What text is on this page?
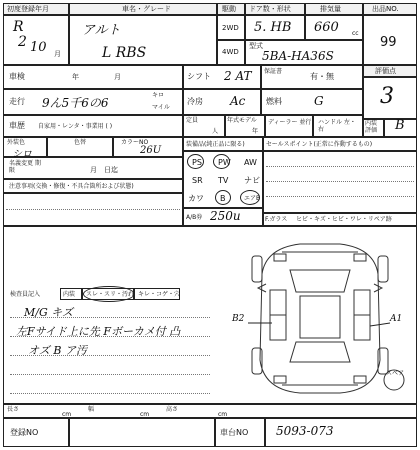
初度登録年月
R
2 10 月
車名・グレード
アルト
L RBS
駆動
2WD
4WD
ドア数・形状
5. HB
排気量
660 cc
型式
5BA-HA36S
出品NO.
99
車検	年	月	シフト 2 AT 保証書
有・無
評価点
3
走行 9ん5千6の6
キロ
マイル
冷房 Ac	燃料	G
車歴 自家用・レンタ・事業用 ( )
定員
人
年式モデル
年
ディーラー 並行 ハンドル 左・右
内装 評価	B
外装色
シロ
色替	カラーNO
26U
装備品(純正品に限る)	セールスポイント(正常に作動するもの)
名義変更 期 限	月　日迄
PS PW AW
SR TV ナビ
カワ B	エアB
A/B券 250u	F.ガラス ヒビ・キズ・ヒビ・ワレ・リペア跡
注意事項(交換・修復・不具合箇所および状態)
検査員記入	内装 スレ・スリ・汚れ キレ・コゲ・穴
M/G キズ
左Fサイド上に先 Fボーカメ付 凸
オズ B ア汚
B2	A1
スペア
長さ
cm
幅
cm
高さ
cm
登録NO	車台NO 5093-073
